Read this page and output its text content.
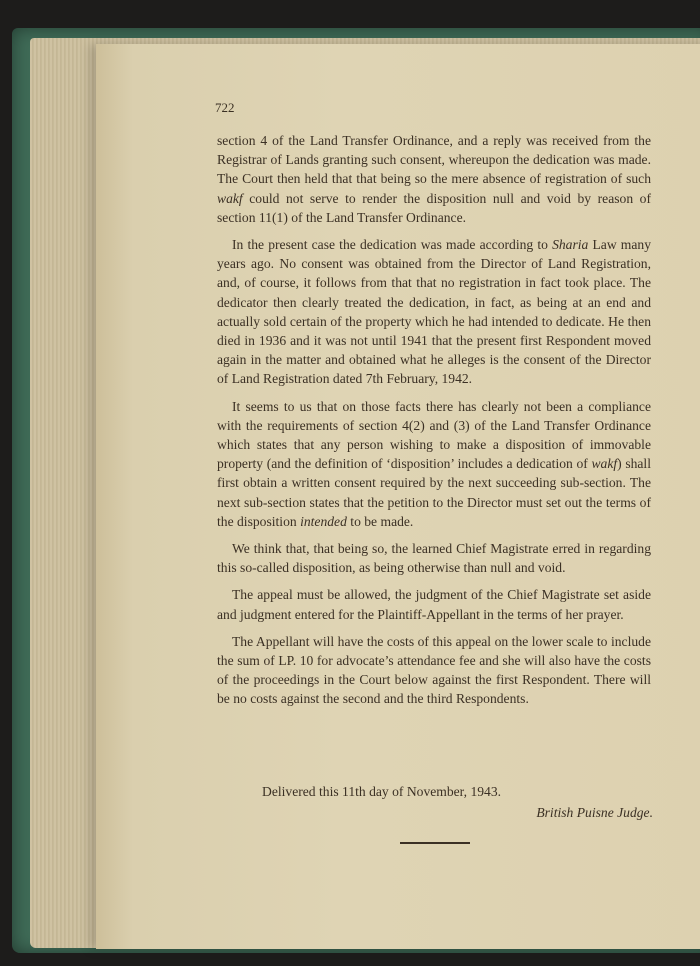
722

section 4 of the Land Transfer Ordinance, and a reply was received from the Registrar of Lands granting such consent, whereupon the dedication was made. The Court then held that that being so the mere absence of registration of such wakf could not serve to render the disposition null and void by reason of section 11(1) of the Land Transfer Ordinance.

In the present case the dedication was made according to Sharia Law many years ago. No consent was obtained from the Director of Land Registration, and, of course, it follows from that that no registration in fact took place. The dedicator then clearly treated the dedication, in fact, as being at an end and actually sold certain of the property which he had intended to dedicate. He then died in 1936 and it was not until 1941 that the present first Respondent moved again in the matter and obtained what he alleges is the consent of the Director of Land Registration dated 7th February, 1942.

It seems to us that on those facts there has clearly not been a compliance with the requirements of section 4(2) and (3) of the Land Transfer Ordinance which states that any person wishing to make a disposition of immovable property (and the definition of ‘disposition’ includes a dedication of wakf) shall first obtain a written consent required by the next succeeding sub-section. The next sub-section states that the petition to the Director must set out the terms of the disposition intended to be made.

We think that, that being so, the learned Chief Magistrate erred in regarding this so-called disposition, as being otherwise than null and void.

The appeal must be allowed, the judgment of the Chief Magistrate set aside and judgment entered for the Plaintiff-Appellant in the terms of her prayer.

The Appellant will have the costs of this appeal on the lower scale to include the sum of LP. 10 for advocate’s attendance fee and she will also have the costs of the proceedings in the Court below against the first Respondent. There will be no costs against the second and the third Respondents.

Delivered this 11th day of November, 1943.
British Puisne Judge.
